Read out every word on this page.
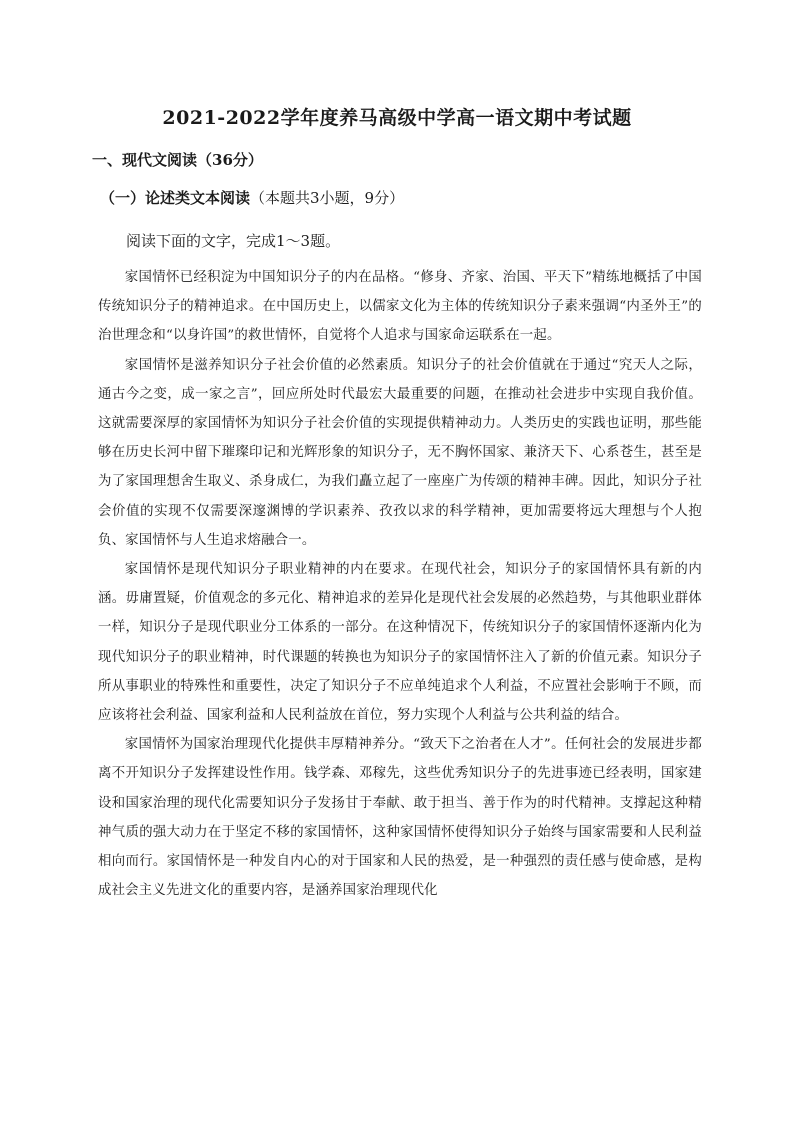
2021-2022学年度养马高级中学高一语文期中考试题
一、现代文阅读（36分）
（一）论述类文本阅读（本题共3小题，9分）
阅读下面的文字，完成1～3题。

家国情怀已经积淀为中国知识分子的内在品格。“修身、齐家、治国、平天下”精练地概括了中国传统知识分子的精神追求。在中国历史上，以儒家文化为主体的传统知识分子素来强调“内圣外王”的治世理念和“以身许国”的救世情怀，自觉将个人追求与国家命运联系在一起。

家国情怀是滋养知识分子社会价值的必然素质。知识分子的社会价值就在于通过“究天人之际，通古今之变，成一家之言”，回应所处时代最宏大最重要的问题，在推动社会进步中实现自我价值。这就需要深厚的家国情怀为知识分子社会价值的实现提供精神动力。人类历史的实践也证明，那些能够在历史长河中留下璀璨印记和光辉形象的知识分子，无不胸怀国家、兼济天下、心系苍生，甚至是为了家国理想舍生取义、杀身成仁，为我们矗立起了一座座广为传颂的精神丰碑。因此，知识分子社会价值的实现不仅需要深邃渊博的学识素养、孜孜以求的科学精神，更加需要将远大理想与个人抱负、家国情怀与人生追求熔融合一。

家国情怀是现代知识分子职业精神的内在要求。在现代社会，知识分子的家国情怀具有新的内涵。毋庸置疑，价值观念的多元化、精神追求的差异化是现代社会发展的必然趋势，与其他职业群体一样，知识分子是现代职业分工体系的一部分。在这种情况下，传统知识分子的家国情怀逐渐内化为现代知识分子的职业精神，时代课题的转换也为知识分子的家国情怀注入了新的价值元素。知识分子所从事职业的特殊性和重要性，决定了知识分子不应单纯追求个人利益，不应置社会影响于不顾，而应该将社会利益、国家利益和人民利益放在首位，努力实现个人利益与公共利益的结合。

家国情怀为国家治理现代化提供丰厚精神养分。“致天下之治者在人才”。任何社会的发展进步都离不开知识分子发挥建设性作用。钱学森、邓稼先，这些优秀知识分子的先进事迹已经表明，国家建设和国家治理的现代化需要知识分子发扬甘于奉献、敢于担当、善于作为的时代精神。支撑起这种精神气质的强大动力在于坚定不移的家国情怀，这种家国情怀使得知识分子始终与国家需要和人民利益相向而行。家国情怀是一种发自内心的对于国家和人民的热爱，是一种强烈的责任感与使命感，是构成社会主义先进文化的重要内容，是涵养国家治理现代化
